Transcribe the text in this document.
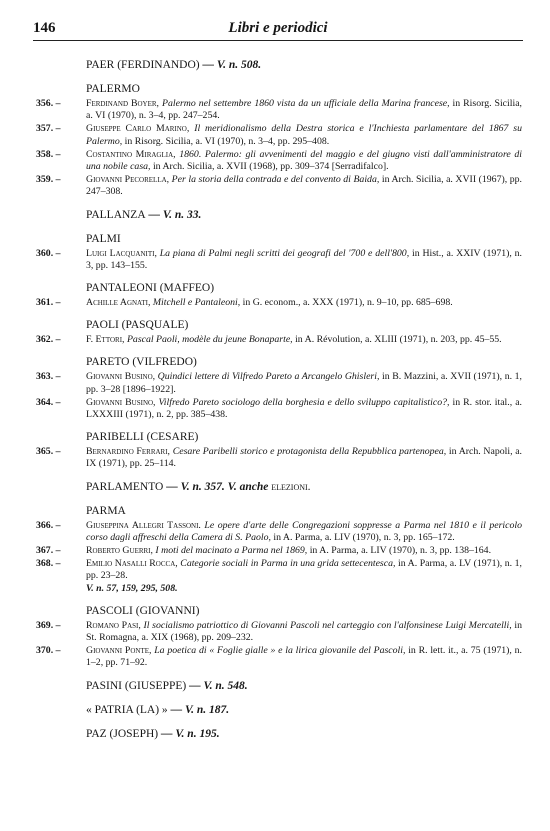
146	Libri e periodici
PAER (FERDINANDO) — V. n. 508.
PALERMO
356. –	Ferdinand Boyer, Palermo nel settembre 1860 vista da un ufficiale della Marina francese, in Risorg. Sicilia, a. VI (1970), n. 3–4, pp. 247–254.
357. –	Giuseppe Carlo Marino, Il meridionalismo della Destra storica e l'Inchiesta parlamentare del 1867 su Palermo, in Risorg. Sicilia, a. VI (1970), n. 3–4, pp. 295–408.
358. –	Costantino Miraglia, 1860. Palermo: gli avvenimenti del maggio e del giugno visti dall'amministratore di una nobile casa, in Arch. Sicilia, a. XVII (1968), pp. 309–374 [Serradifalco].
359. –	Giovanni Pecorella, Per la storia della contrada e del convento di Baida, in Arch. Sicilia, a. XVII (1967), pp. 247–308.
PALLANZA — V. n. 33.
PALMI
360. –	Luigi Lacquaniti, La piana di Palmi negli scritti dei geografi del '700 e dell'800, in Hist., a. XXIV (1971), n. 3, pp. 143–155.
PANTALEONI (MAFFEO)
361. –	Achille Agnati, Mitchell e Pantaleoni, in G. econom., a. XXX (1971), n. 9–10, pp. 685–698.
PAOLI (PASQUALE)
362. –	F. Ettori, Pascal Paoli, modèle du jeune Bonaparte, in A. Révolution, a. XLIII (1971), n. 203, pp. 45–55.
PARETO (VILFREDO)
363. –	Giovanni Busino, Quindici lettere di Vilfredo Pareto a Arcangelo Ghisleri, in B. Mazzini, a. XVII (1971), n. 1, pp. 3–28 [1896–1922].
364. –	Giovanni Busino, Vilfredo Pareto sociologo della borghesia e dello sviluppo capitalistico?, in R. stor. ital., a. LXXXIII (1971), n. 2, pp. 385–438.
PARIBELLI (CESARE)
365. –	Bernardino Ferrari, Cesare Paribelli storico e protagonista della Repubblica partenopea, in Arch. Napoli, a. IX (1971), pp. 25–114.
PARLAMENTO — V. n. 357. V. anche elezioni.
PARMA
366. –	Giuseppina Allegri Tassoni. Le opere d'arte delle Congregazioni soppresse a Parma nel 1810 e il pericolo corso dagli affreschi della Camera di S. Paolo, in A. Parma, a. LIV (1970), n. 3, pp. 165–172.
367. –	Roberto Guerri, I moti del macinato a Parma nel 1869, in A. Parma, a. LIV (1970), n. 3, pp. 138–164.
368. –	Emilio Nasalli Rocca, Categorie sociali in Parma in una grida settecentesca, in A. Parma, a. LV (1971), n. 1, pp. 23–28.
V. n. 57, 159, 295, 508.
PASCOLI (GIOVANNI)
369. –	Romano Pasi, Il socialismo patriottico di Giovanni Pascoli nel carteggio con l'alfonsinese Luigi Mercatelli, in St. Romagna, a. XIX (1968), pp. 209–232.
370. –	Giovanni Ponte, La poetica di « Foglie gialle » e la lirica giovanile del Pascoli, in R. lett. it., a. 75 (1971), n. 1–2, pp. 71–92.
PASINI (GIUSEPPE) — V. n. 548.
« PATRIA (LA) » — V. n. 187.
PAZ (JOSEPH) — V. n. 195.
